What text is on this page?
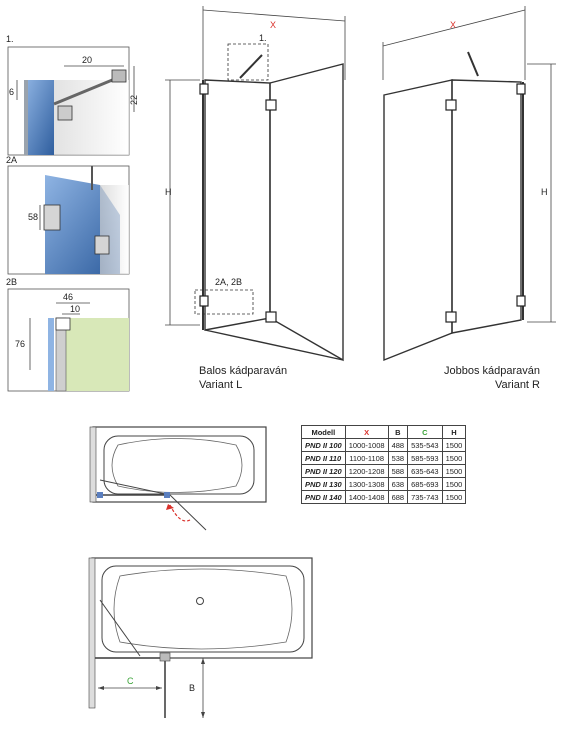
1.
20
6
22
2A
58
2B
46
10
76
X
1.
2A, 2B
H
X
H
C
B
Balos kádparaván
Variant L
Jobbos kádparaván
Variant R
Modell	X	B	C	H
PND II 100	1000-1008	488	535-543	1500
PND II 110	1100-1108	538	585-593	1500
PND II 120	1200-1208	588	635-643	1500
PND II 130	1300-1308	638	685-693	1500
PND II 140	1400-1408	688	735-743	1500
